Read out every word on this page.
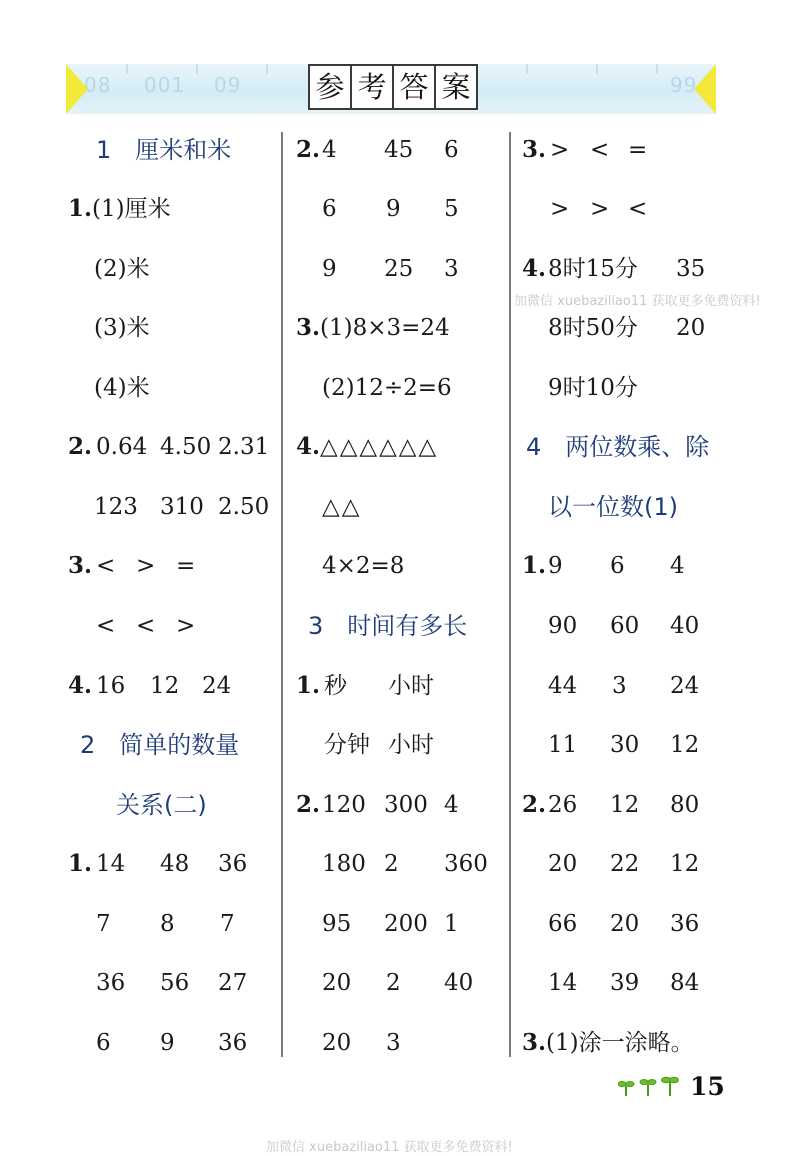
08 001 09	99
参 考 答 案
1　厘米和米
1.(1)厘米
(2)米
(3)米
(4)米
2. 0.64 4.50 2.31
123 310 2.50
3. < > =
< < >
4. 16 12 24
2　简单的数量
关系(二)
1. 14 48 36
7 8 7
36 56 27
6 9 36
2. 4 45 6
6 9 5
9 25 3
3.(1)8×3=24
(2)12÷2=6
4.△△△△△△
△△
4×2=8
3　时间有多长
1. 秒 小时
分钟 小时
2. 120 300 4
180 2 360
95 200 1
20 2 40
20 3
3. > < =
> > <
4. 8时15分 35
加微信 xuebaziliao11 获取更多免费资料!
8时50分 20
9时10分
4　两位数乘、除
以一位数(1)
1. 9 6 4
90 60 40
44 3 24
11 30 12
2. 26 12 80
20 22 12
66 20 36
14 39 84
3.(1)涂一涂略。
15
加微信 xuebaziliao11 获取更多免费资料!
